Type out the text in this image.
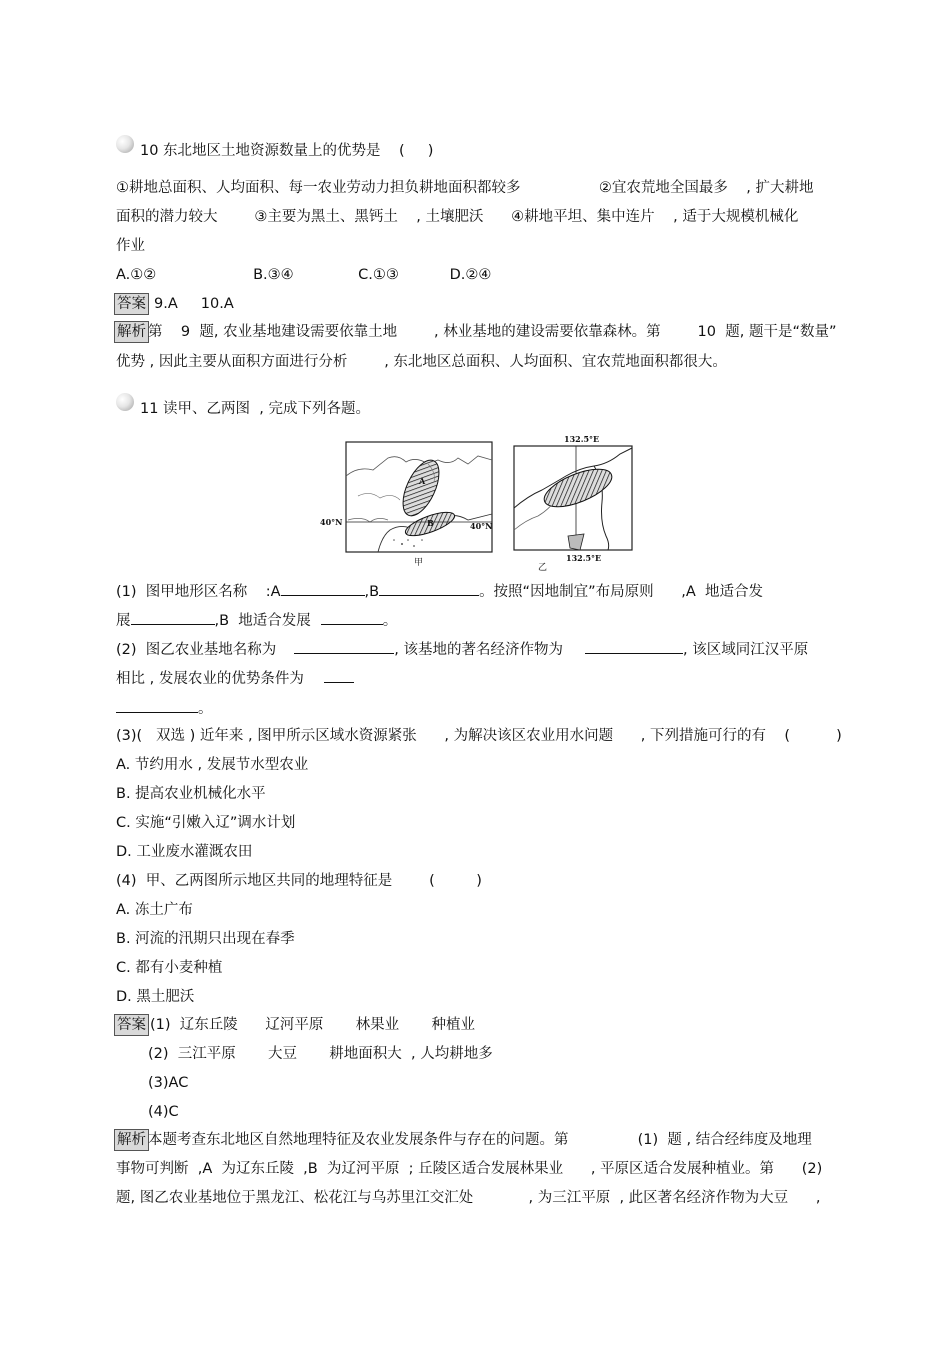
10 东北地区土地资源数量上的优势是    (     )
①耕地总面积、人均面积、每一农业劳动力担负耕地面积都较多                 ②宜农荒地全国最多    , 扩大耕地
面积的潜力较大        ③主要为黑土、黑钙土    , 土壤肥沃      ④耕地平坦、集中连片    , 适于大规模机械化
作业
A.①②                     B.③④              C.①③           D.②④
答案 9.A     10.A
解析 第    9  题, 农业基地建设需要依靠土地        , 林业基地的建设需要依靠森林。第        10  题, 题干是“数量”
优势 , 因此主要从面积方面进行分析        , 东北地区总面积、人均面积、宜农荒地面积都很大。
11 读甲、乙两图  , 完成下列各题。
40°N	40°N
A
B
甲
132.5°E
132.5°E
乙
(1)  图甲地形区名称    :A	,B	。按照“因地制宜”布局原则      ,A  地适合发
展	,B  地适合发展	。
(2)  图乙农业基地名称为	, 该基地的著名经济作物为	, 该区域同江汉平原
相比 , 发展农业的优势条件为
。
(3)(   双选 ) 近年来 , 图甲所示区域水资源紧张      , 为解决该区农业用水问题      , 下列措施可行的有    (          )
A. 节约用水 , 发展节水型农业
B. 提高农业机械化水平
C. 实施“引嫩入辽”调水计划
D. 工业废水灌溉农田
(4)  甲、乙两图所示地区共同的地理特征是        (         )
A. 冻土广布
B. 河流的汛期只出现在春季
C. 都有小麦种植
D. 黑土肥沃
答案 (1)  辽东丘陵      辽河平原       林果业       种植业
(2)  三江平原       大豆       耕地面积大  , 人均耕地多
(3)AC
(4)C
解析 本题考查东北地区自然地理特征及农业发展条件与存在的问题。第               (1)  题 , 结合经纬度及地理
事物可判断  ,A  为辽东丘陵  ,B  为辽河平原  ; 丘陵区适合发展林果业      , 平原区适合发展种植业。第      (2)
题, 图乙农业基地位于黑龙江、松花江与乌苏里江交汇处            , 为三江平原  , 此区著名经济作物为大豆      ,
